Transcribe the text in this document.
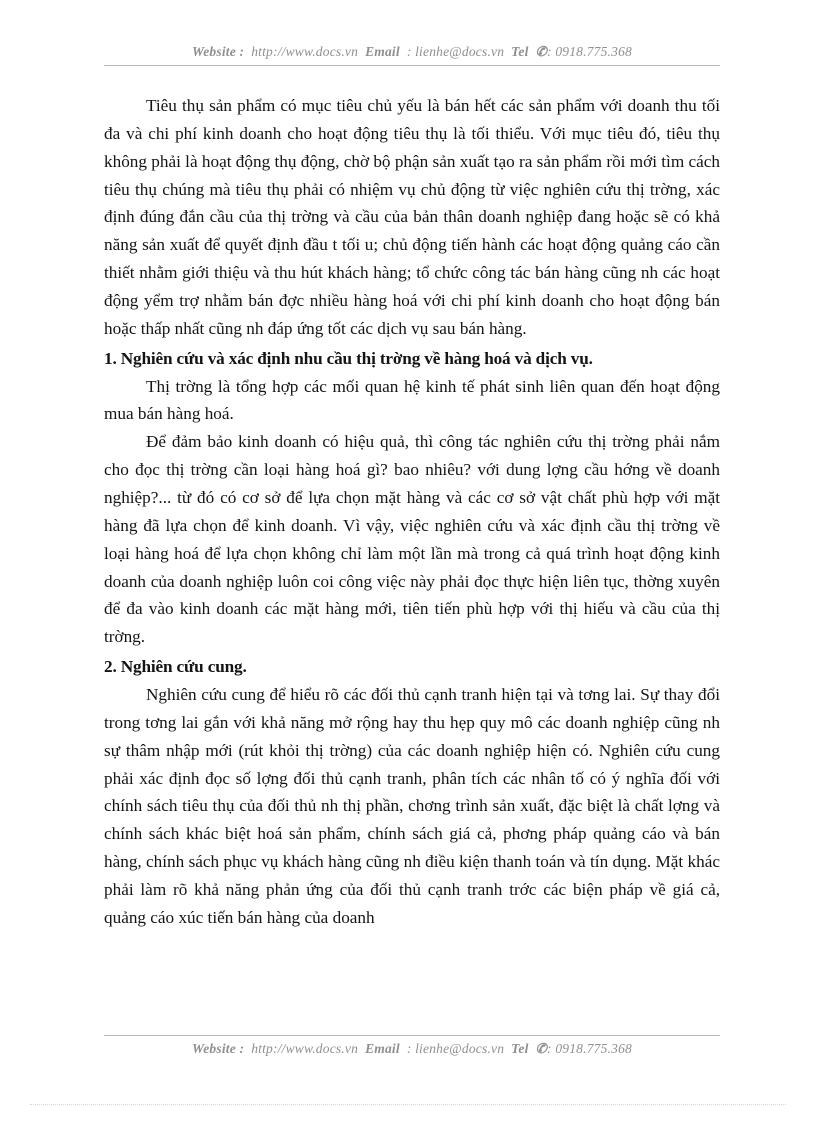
Website : http://www.docs.vn Email : lienhe@docs.vn Tel ✆: 0918.775.368

Tiêu thụ sản phẩm có mục tiêu chủ yếu là bán hết các sản phẩm với doanh thu tối đa và chi phí kinh doanh cho hoạt động tiêu thụ là tối thiểu. Với mục tiêu đó, tiêu thụ không phải là hoạt động thụ động, chờ bộ phận sản xuất tạo ra sản phẩm rồi mới tìm cách tiêu thụ chúng mà tiêu thụ phải có nhiệm vụ chủ động từ việc nghiên cứu thị trờng, xác định đúng đắn cầu của thị trờng và cầu của bản thân doanh nghiệp đang hoặc sẽ có khả năng sản xuất để quyết định đầu t tối u; chủ động tiến hành các hoạt động quảng cáo cần thiết nhằm giới thiệu và thu hút khách hàng; tổ chức công tác bán hàng cũng nh các hoạt động yểm trợ nhằm bán đợc nhiều hàng hoá với chi phí kinh doanh cho hoạt động bán hoặc thấp nhất cũng nh đáp ứng tốt các dịch vụ sau bán hàng.

1. Nghiên cứu và xác định nhu cầu thị trờng về hàng hoá và dịch vụ.

Thị trờng là tổng hợp các mối quan hệ kinh tế phát sinh liên quan đến hoạt động mua bán hàng hoá.

Để đảm bảo kinh doanh có hiệu quả, thì công tác nghiên cứu thị trờng phải nắm cho đọc thị trờng cần loại hàng hoá gì? bao nhiêu? với dung lợng cầu hớng về doanh nghiệp?... từ đó có cơ sở để lựa chọn mặt hàng và các cơ sở vật chất phù hợp với mặt hàng đã lựa chọn để kinh doanh. Vì vậy, việc nghiên cứu và xác định cầu thị trờng về loại hàng hoá để lựa chọn không chỉ làm một lần mà trong cả quá trình hoạt động kinh doanh của doanh nghiệp luôn coi công việc này phải đọc thực hiện liên tục, thờng xuyên để đa vào kinh doanh các mặt hàng mới, tiên tiến phù hợp với thị hiếu và cầu của thị trờng.

2. Nghiên cứu cung.

Nghiên cứu cung để hiểu rõ các đối thủ cạnh tranh hiện tại và tơng lai. Sự thay đổi trong tơng lai gắn với khả năng mở rộng hay thu hẹp quy mô các doanh nghiệp cũng nh sự thâm nhập mới (rút khỏi thị trờng) của các doanh nghiệp hiện có. Nghiên cứu cung phải xác định đọc số lợng đối thủ cạnh tranh, phân tích các nhân tố có ý nghĩa đối với chính sách tiêu thụ của đối thủ nh thị phần, chơng trình sản xuất, đặc biệt là chất lợng và chính sách khác biệt hoá sản phẩm, chính sách giá cả, phơng pháp quảng cáo và bán hàng, chính sách phục vụ khách hàng cũng nh điều kiện thanh toán và tín dụng. Mặt khác phải làm rõ khả năng phản ứng của đối thủ cạnh tranh trớc các biện pháp về giá cả, quảng cáo xúc tiến bán hàng của doanh

Website : http://www.docs.vn Email : lienhe@docs.vn Tel ✆: 0918.775.368
